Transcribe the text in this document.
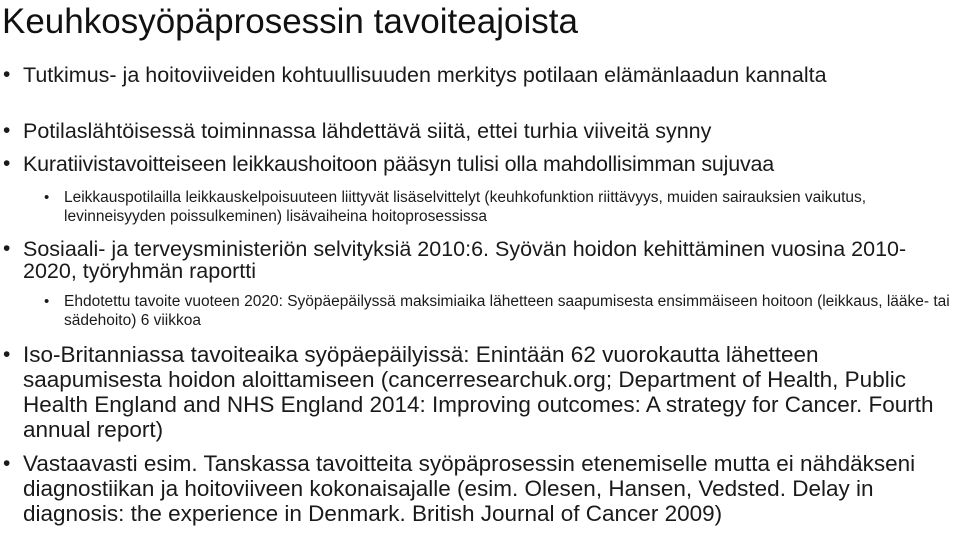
Keuhkosyöpäprosessin tavoiteajoista
• Tutkimus- ja hoitoviiveiden kohtuullisuuden merkitys potilaan elämänlaadun kannalta
• Potilaslähtöisessä toiminnassa lähdettävä siitä, ettei turhia viiveitä synny
• Kuratiivistavoitteiseen leikkaushoitoon pääsyn tulisi olla mahdollisimman sujuvaa
• Leikkauspotilailla leikkauskelpoisuuteen liittyvät lisäselvittelyt (keuhkofunktion riittävyys, muiden sairauksien vaikutus, levinneisyyden poissulkeminen) lisävaiheina hoitoprosessissa
• Sosiaali- ja terveysministeriön selvityksiä 2010:6. Syövän hoidon kehittäminen vuosina 2010-2020, työryhmän raportti
• Ehdotettu tavoite vuoteen 2020: Syöpäepäilyssä maksimiaika lähetteen saapumisesta ensimmäiseen hoitoon (leikkaus, lääke- tai sädehoito) 6 viikkoa
• Iso-Britanniassa tavoiteaika syöpäepäilyissä: Enintään 62 vuorokautta lähetteen saapumisesta hoidon aloittamiseen (cancerresearchuk.org; Department of Health, Public Health England and NHS England 2014: Improving outcomes: A strategy for Cancer. Fourth annual report)
• Vastaavasti esim. Tanskassa tavoitteita syöpäprosessin etenemiselle mutta ei nähdäkseni diagnostiikan ja hoitoviiveen kokonaisajalle (esim. Olesen, Hansen, Vedsted. Delay in diagnosis: the experience in Denmark. British Journal of Cancer 2009)
